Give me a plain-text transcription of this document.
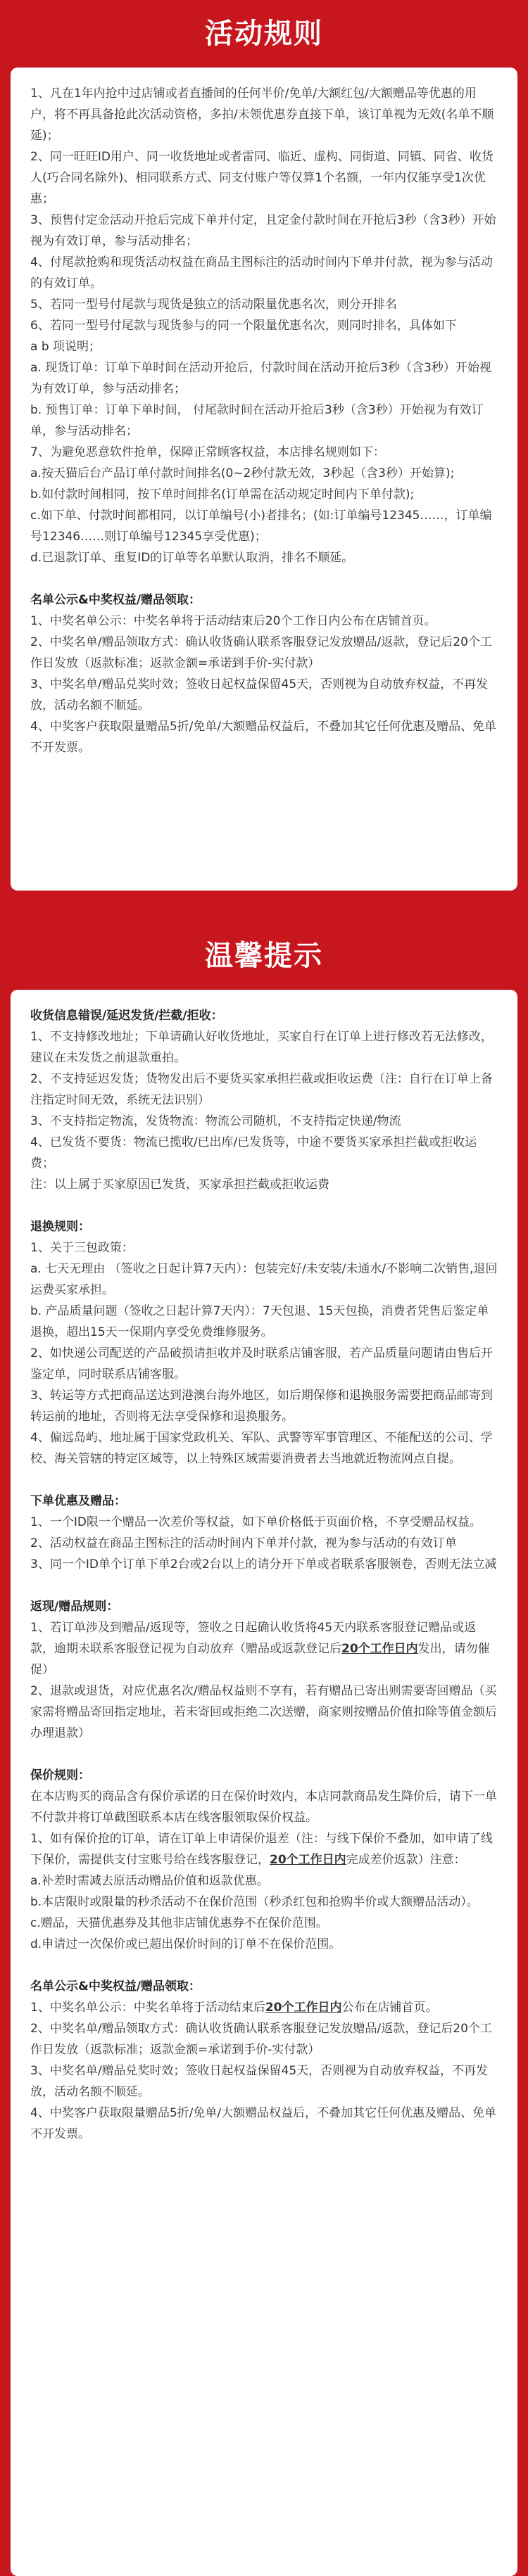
活动规则

1、凡在1年内抢中过店铺或者直播间的任何半价/免单/大额红包/大额赠品等优惠的用户，将不再具备抢此次活动资格，多拍/未领优惠券直接下单，该订单视为无效(名单不顺延)；

2、同一旺旺ID用户、同一收货地址或者雷同、临近、虚构、同街道、同镇、同省、收货人(巧合同名除外)、相同联系方式、同支付账户等仅算1个名额，一年内仅能享受1次优惠；

3、预售付定金活动开抢后完成下单并付定，且定金付款时间在开抢后3秒（含3秒）开始视为有效订单，参与活动排名；

4、付尾款抢购和现货活动权益在商品主图标注的活动时间内下单并付款，视为参与活动的有效订单。

5、若同一型号付尾款与现货是独立的活动限量优惠名次，则分开排名

6、若同一型号付尾款与现货参与的同一个限量优惠名次，则同时排名，具体如下

a b 项说明；

a. 现货订单：订单下单时间在活动开抢后，付款时间在活动开抢后3秒（含3秒）开始视为有效订单，参与活动排名；

b. 预售订单：订单下单时间， 付尾款时间在活动开抢后3秒（含3秒）开始视为有效订单，参与活动排名；

7、为避免恶意软件抢单，保障正常顾客权益，本店排名规则如下：

a.按天猫后台产品订单付款时间排名(0~2秒付款无效，3秒起（含3秒）开始算);

b.如付款时间相同，按下单时间排名(订单需在活动规定时间内下单付款);

c.如下单、付款时间都相同，以订单编号(小)者排名；(如:订单编号12345……，订单编号12346……则订单编号12345享受优惠)；

d.已退款订单、重复ID的订单等名单默认取消，排名不顺延。

名单公示&中奖权益/赠品领取：

1、中奖名单公示：中奖名单将于活动结束后20个工作日内公布在店铺首页。

2、中奖名单/赠品领取方式：确认收货确认联系客服登记发放赠品/返款，登记后20个工作日发放（返款标准；返款金额=承诺到手价-实付款）

3、中奖名单/赠品兑奖时效；签收日起权益保留45天，否则视为自动放弃权益，不再发放，活动名额不顺延。

4、中奖客户获取限量赠品5折/免单/大额赠品权益后，不叠加其它任何优惠及赠品、免单不开发票。

温馨提示

收货信息错误/延迟发货/拦截/拒收：

1、不支持修改地址；下单请确认好收货地址，买家自行在订单上进行修改若无法修改，建议在未发货之前退款重拍。

2、不支持延迟发货；货物发出后不要货买家承担拦截或拒收运费（注：自行在订单上备注指定时间无效，系统无法识别）

3、不支持指定物流，发货物流：物流公司随机，不支持指定快递/物流

4、已发货不要货：物流已揽收/已出库/已发货等，中途不要货买家承担拦截或拒收运费；

注：以上属于买家原因已发货，买家承担拦截或拒收运费

退换规则：

1、关于三包政策：

a. 七天无理由 （签收之日起计算7天内）：包装完好/未安装/未通水/不影响二次销售,退回运费买家承担。

b. 产品质量问题（签收之日起计算7天内）：7天包退、15天包换，消费者凭售后鉴定单退换，超出15天一保期内享受免费维修服务。

2、如快递公司配送的产品破损请拒收并及时联系店铺客服，若产品质量问题请由售后开鉴定单，同时联系店铺客服。

3、转运等方式把商品送达到港澳台海外地区，如后期保修和退换服务需要把商品邮寄到转运前的地址，否则将无法享受保修和退换服务。

4、偏远岛屿、地址属于国家党政机关、军队、武警等军事管理区、不能配送的公司、学校、海关管辖的特定区域等，以上特殊区域需要消费者去当地就近物流网点自提。

下单优惠及赠品：

1、一个ID限一个赠品一次差价等权益，如下单价格低于页面价格，不享受赠品权益。

2、活动权益在商品主图标注的活动时间内下单并付款，视为参与活动的有效订单

3、同一个ID单个订单下单2台或2台以上的请分开下单或者联系客服领卷，否则无法立减

返现/赠品规则：

1、若订单涉及到赠品/返现等，签收之日起确认收货将45天内联系客服登记赠品或返款，逾期未联系客服登记视为自动放弃（赠品或返款登记后20个工作日内发出，请勿催促）

2、退款或退货，对应优惠名次/赠品权益则不享有，若有赠品已寄出则需要寄回赠品（买家需将赠品寄回指定地址，若未寄回或拒绝二次送赠，商家则按赠品价值扣除等值金额后办理退款）

保价规则：

在本店购买的商品含有保价承诺的日在保价时效内，本店同款商品发生降价后，请下一单不付款并将订单截图联系本店在线客服领取保价权益。

1、如有保价抢的订单，请在订单上申请保价退差（注：与线下保价不叠加，如申请了线下保价，需提供支付宝账号给在线客服登记，20个工作日内完成差价返款）注意：

a.补差时需减去原活动赠品价值和返款优惠。

b.本店限时或限量的秒杀活动不在保价范围（秒杀红包和抢购半价或大额赠品活动）。

c.赠品，天猫优惠券及其他非店铺优惠券不在保价范围。

d.申请过一次保价或已超出保价时间的订单不在保价范围。

名单公示&中奖权益/赠品领取：

1、中奖名单公示：中奖名单将于活动结束后20个工作日内公布在店铺首页。

2、中奖名单/赠品领取方式：确认收货确认联系客服登记发放赠品/返款，登记后20个工作日发放（返款标准；返款金额=承诺到手价-实付款）

3、中奖名单/赠品兑奖时效；签收日起权益保留45天，否则视为自动放弃权益，不再发放，活动名额不顺延。

4、中奖客户获取限量赠品5折/免单/大额赠品权益后，不叠加其它任何优惠及赠品、免单不开发票。
